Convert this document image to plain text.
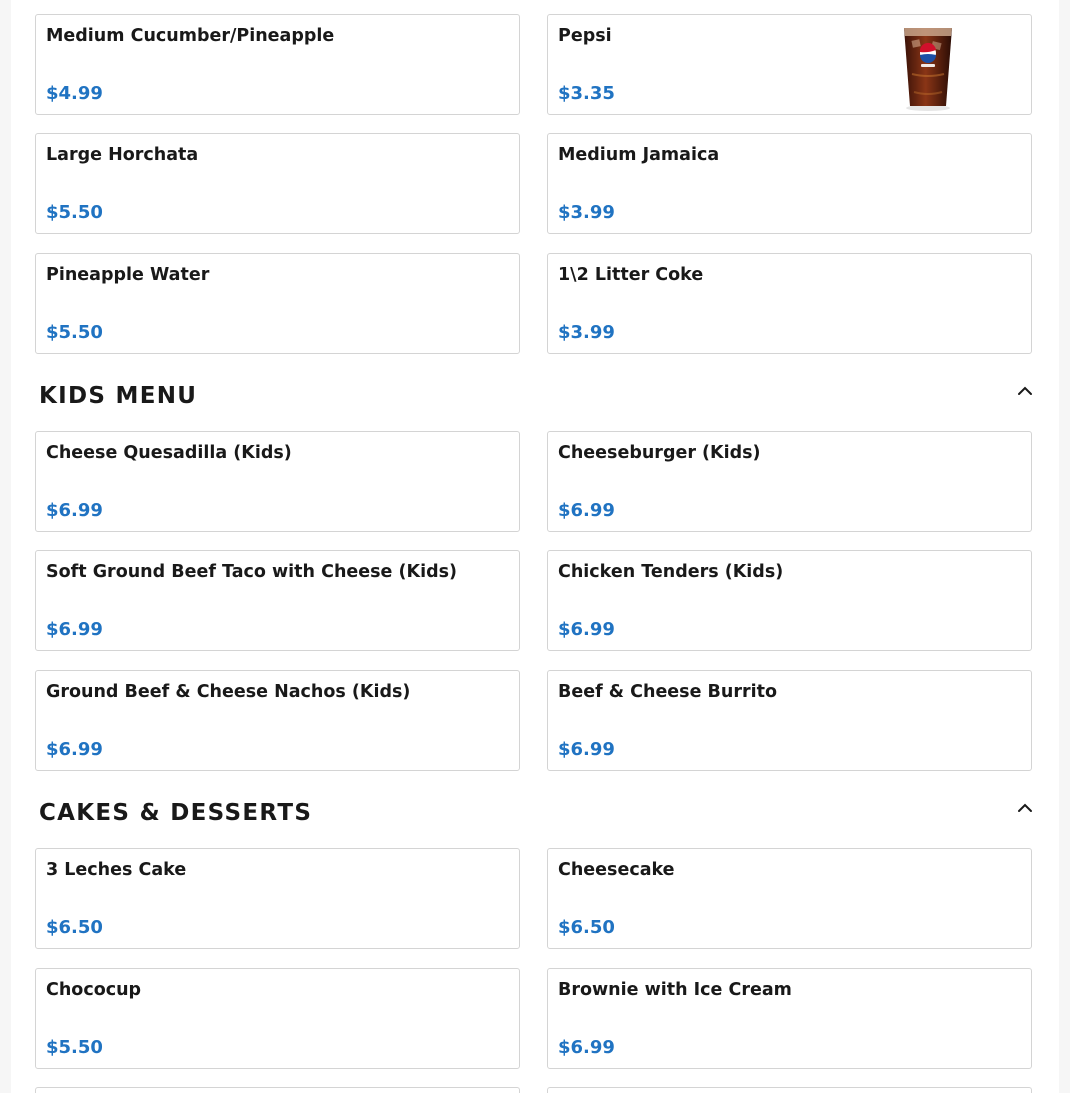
Medium Cucumber/Pineapple
$4.99
Pepsi
$3.35
Large Horchata
$5.50
Medium Jamaica
$3.99
Pineapple Water
$5.50
1\2 Litter Coke
$3.99
KIDS MENU
Cheese Quesadilla (Kids)
$6.99
Cheeseburger (Kids)
$6.99
Soft Ground Beef Taco with Cheese (Kids)
$6.99
Chicken Tenders (Kids)
$6.99
Ground Beef & Cheese Nachos (Kids)
$6.99
Beef & Cheese Burrito
$6.99
CAKES & DESSERTS
3 Leches Cake
$6.50
Cheesecake
$6.50
Chococup
$5.50
Brownie with Ice Cream
$6.99
